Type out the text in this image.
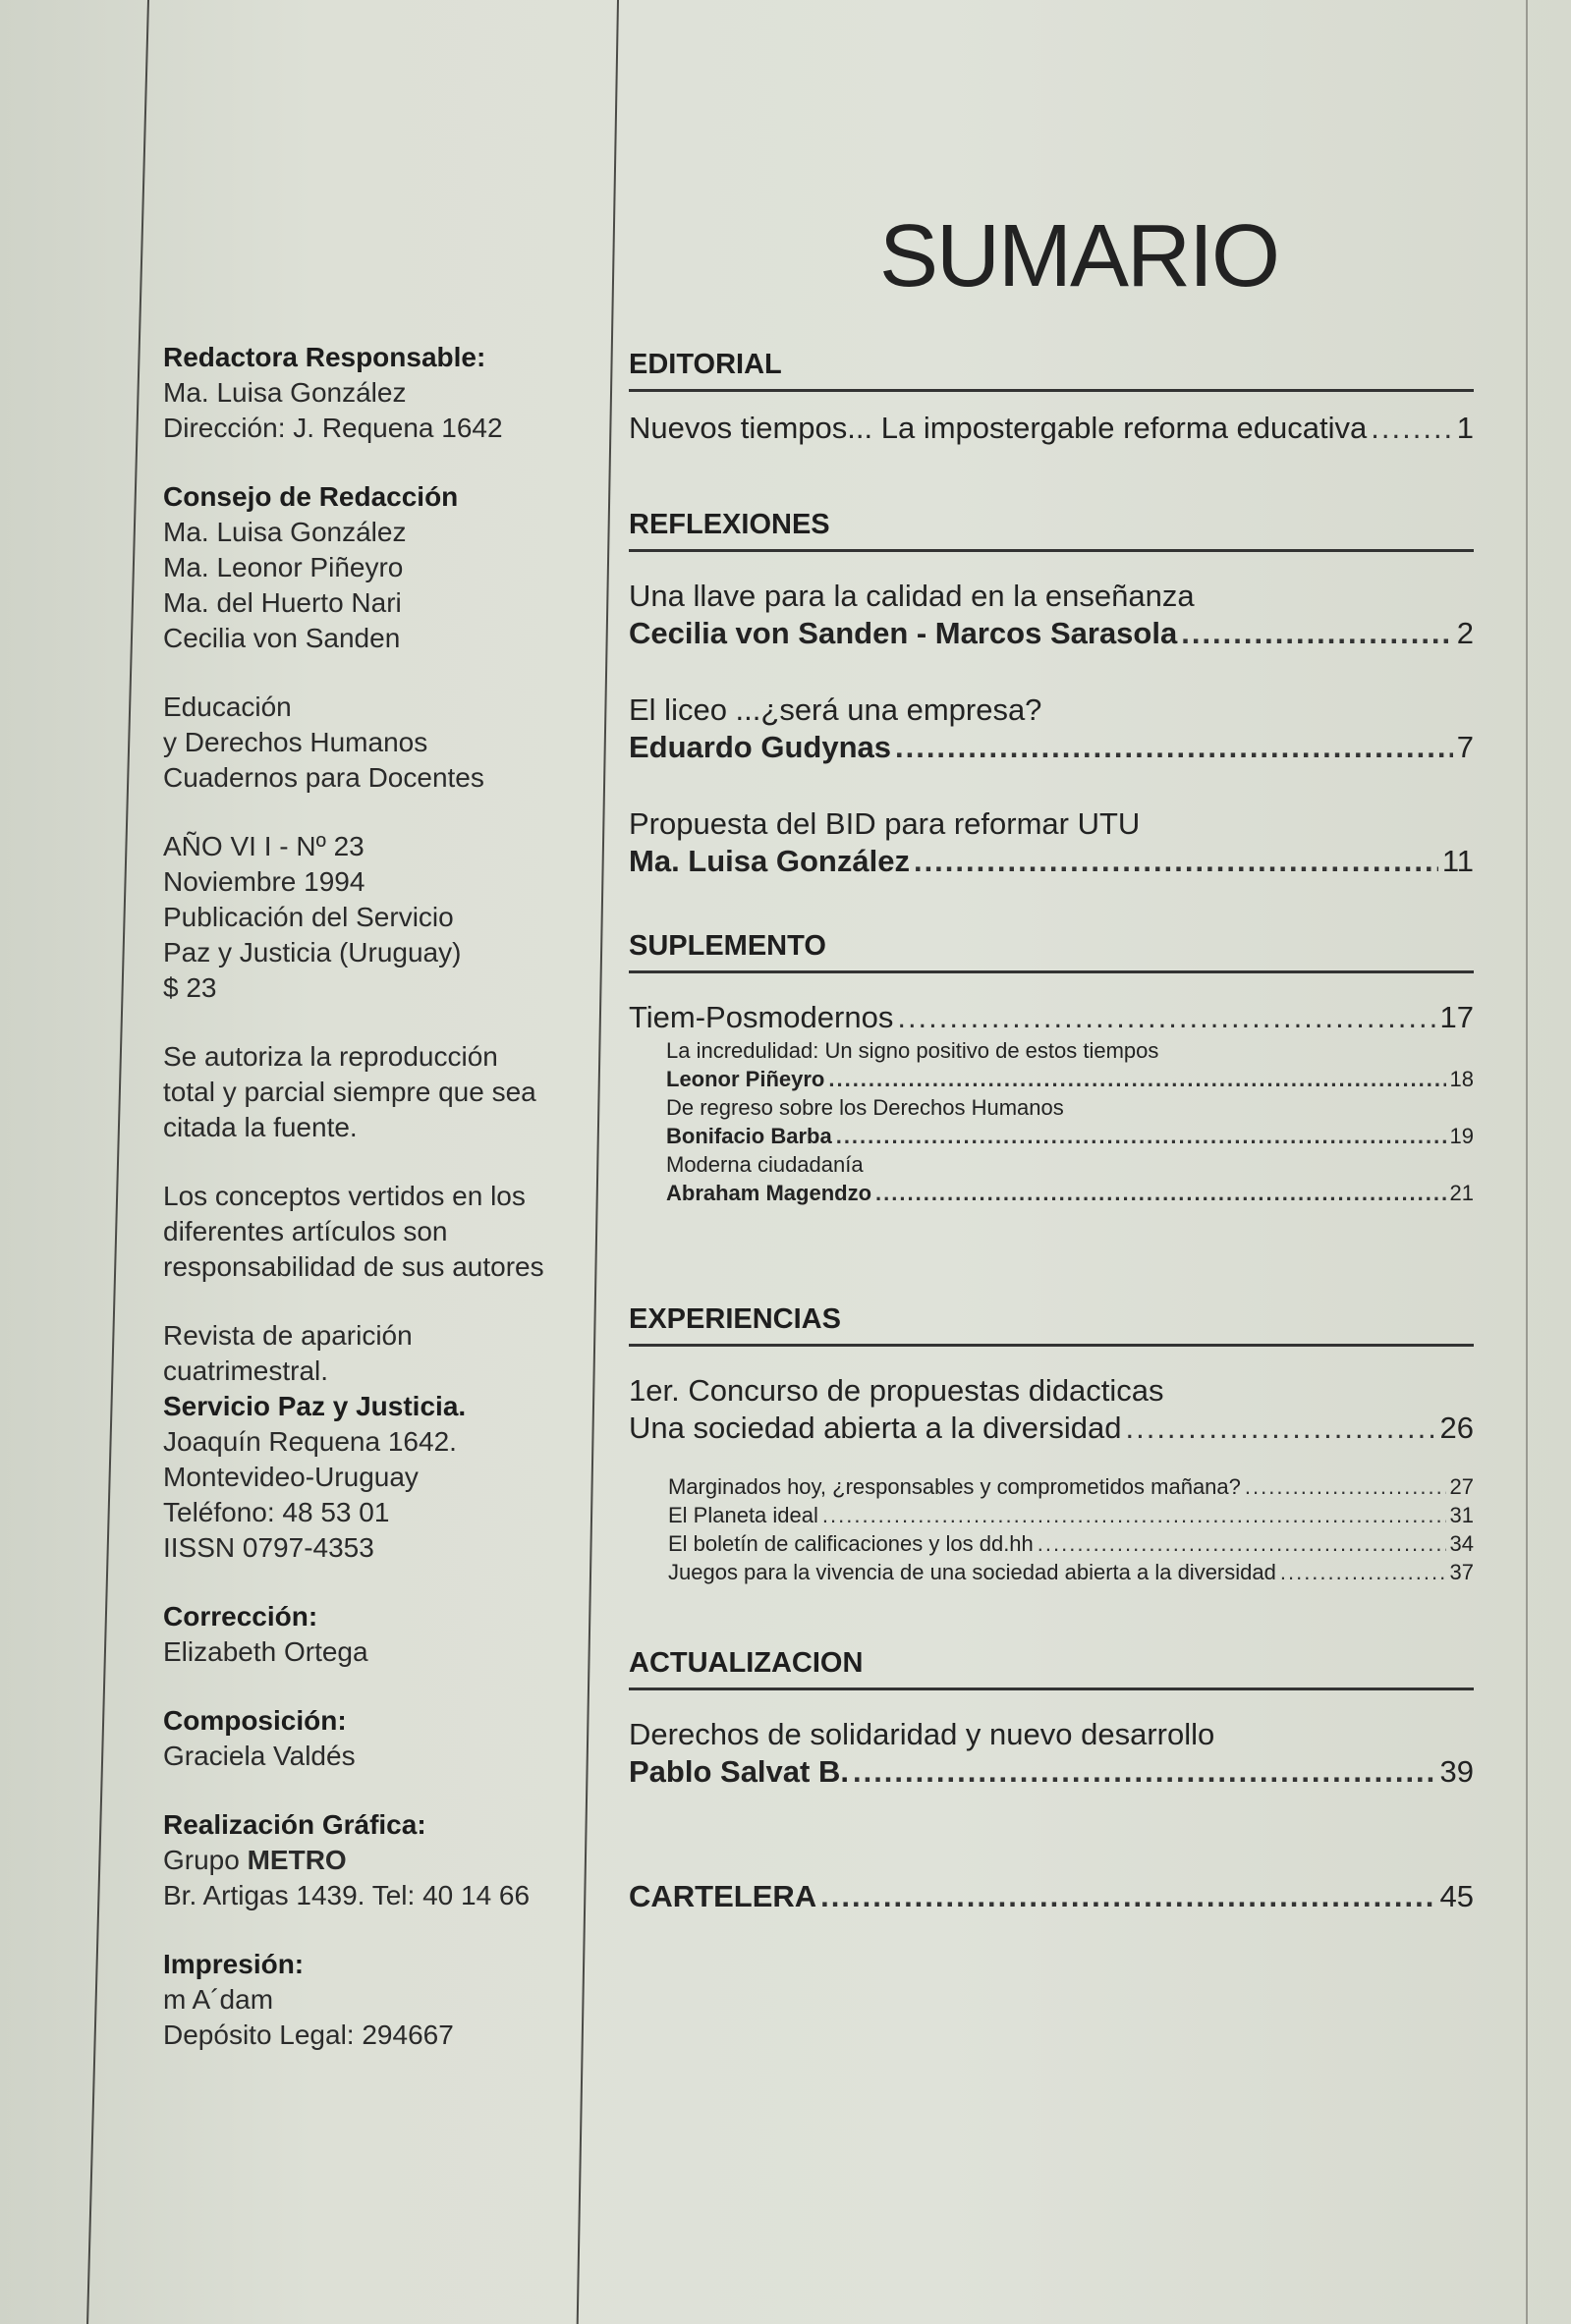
Redactora Responsable:
Ma. Luisa González
Dirección: J. Requena 1642
Consejo de Redacción
Ma. Luisa González
Ma. Leonor Piñeyro
Ma. del Huerto Nari
Cecilia von Sanden
Educación
y Derechos Humanos
Cuadernos para Docentes
AÑO VI I - Nº 23
Noviembre 1994
Publicación del Servicio
Paz y Justicia (Uruguay)
$ 23
Se autoriza la reproducción
total y parcial siempre que sea
citada la fuente.
Los conceptos vertidos en los
diferentes artículos son
responsabilidad de sus autores
Revista de aparición
cuatrimestral.
Servicio Paz y Justicia.
Joaquín Requena 1642.
Montevideo-Uruguay
Teléfono: 48 53 01
IISSN 0797-4353
Corrección:
Elizabeth Ortega
Composición:
Graciela Valdés
Realización Gráfica:
Grupo METRO
Br. Artigas 1439. Tel: 40 14 66
Impresión:
m A´dam
Depósito Legal: 294667
SUMARIO
EDITORIAL
Nuevos tiempos... La impostergable reforma educativa .....	1
REFLEXIONES
Una llave para la calidad en la enseñanza
Cecilia von Sanden - Marcos Sarasola .....	2
El liceo ...¿será una empresa?
Eduardo Gudynas .....	7
Propuesta del BID para reformar UTU
Ma. Luisa González .....	11
SUPLEMENTO
Tiem-Posmodernos .....	17
La incredulidad: Un signo positivo de estos tiempos
Leonor Piñeyro .....	18
De regreso sobre los Derechos Humanos
Bonifacio Barba .....	19
Moderna ciudadanía
Abraham Magendzo .....	21
EXPERIENCIAS
1er. Concurso de propuestas didacticas
Una sociedad abierta a la diversidad .....	26
Marginados hoy, ¿responsables y comprometidos mañana? .....	27
El Planeta ideal .....	31
El boletín de calificaciones y los dd.hh .....	34
Juegos para la vivencia de una sociedad abierta a la diversidad .....	37
ACTUALIZACION
Derechos de solidaridad y nuevo desarrollo
Pablo Salvat B. .....	39
CARTELERA .....	45
